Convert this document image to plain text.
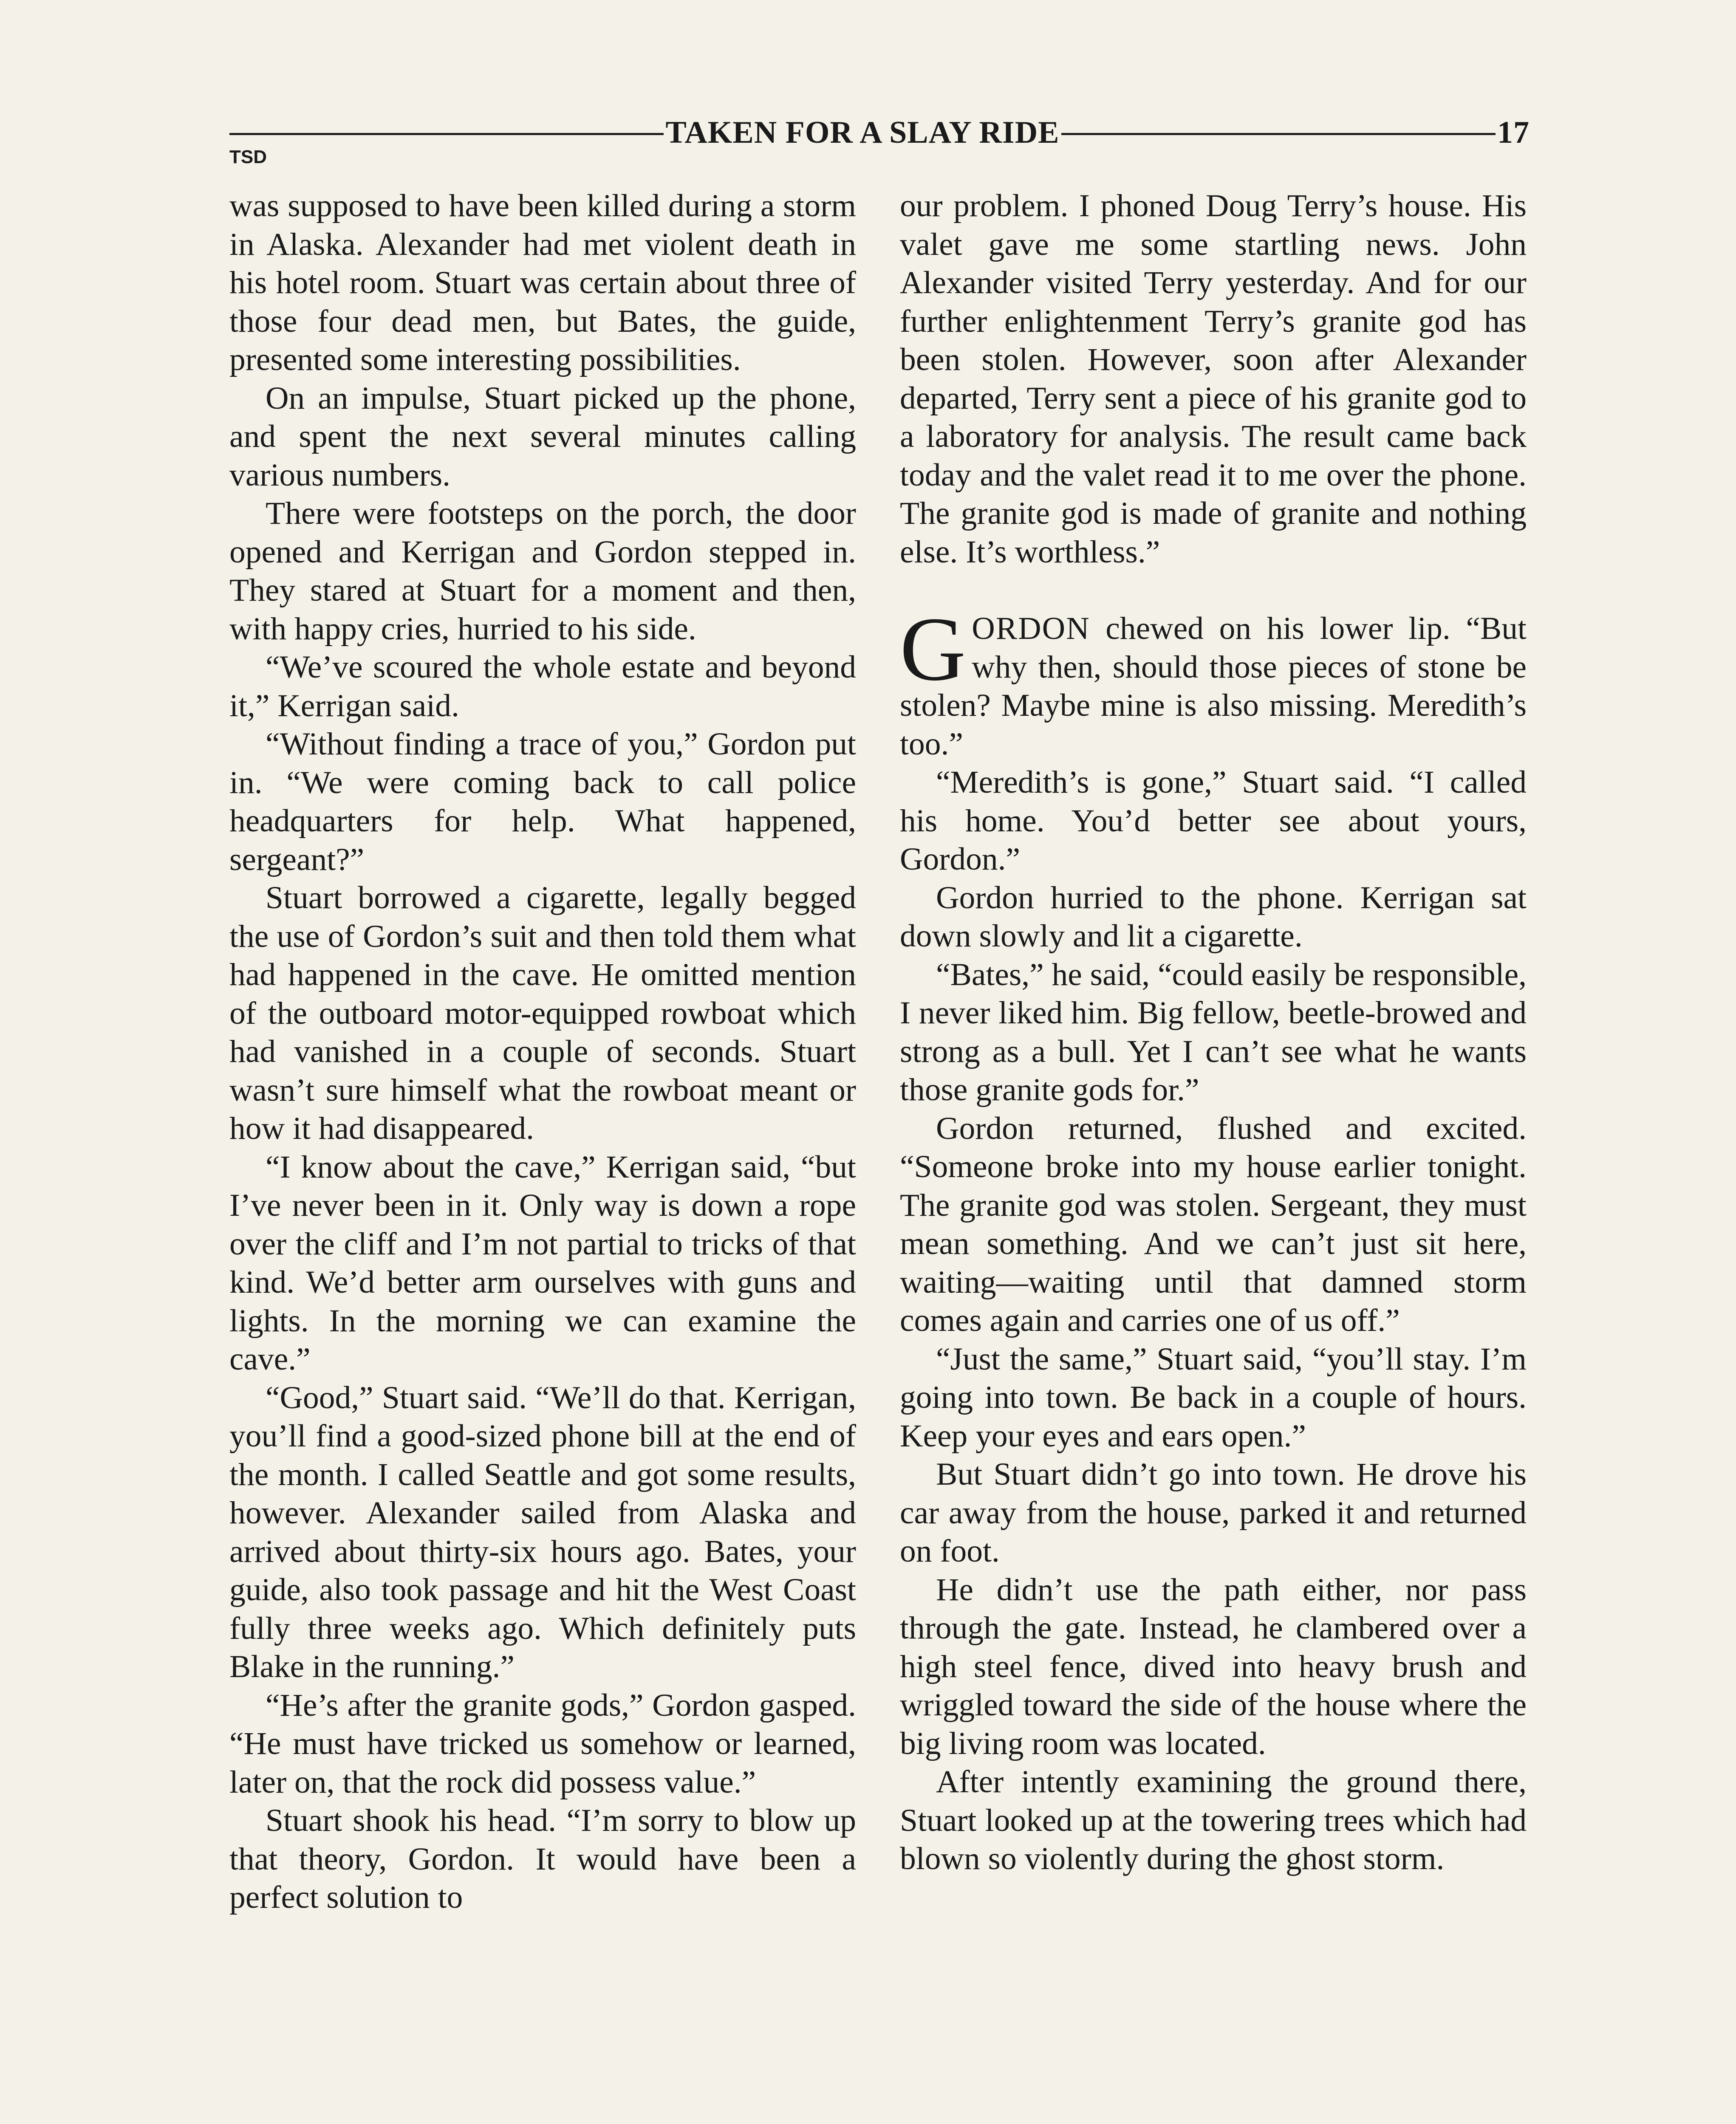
TAKEN FOR A SLAY RIDE	17
TSD

was supposed to have been killed during a storm in Alaska. Alexander had met violent death in his hotel room. Stuart was certain about three of those four dead men, but Bates, the guide, presented some interesting possibilities.

On an impulse, Stuart picked up the phone, and spent the next several minutes calling various numbers.

There were footsteps on the porch, the door opened and Kerrigan and Gordon stepped in. They stared at Stuart for a moment and then, with happy cries, hurried to his side.

“We’ve scoured the whole estate and beyond it,” Kerrigan said.

“Without finding a trace of you,” Gordon put in. “We were coming back to call police headquarters for help. What happened, sergeant?”

Stuart borrowed a cigarette, legally begged the use of Gordon’s suit and then told them what had happened in the cave. He omitted mention of the outboard motor-equipped rowboat which had vanished in a couple of seconds. Stuart wasn’t sure himself what the rowboat meant or how it had disappeared.

“I know about the cave,” Kerrigan said, “but I’ve never been in it. Only way is down a rope over the cliff and I’m not partial to tricks of that kind. We’d better arm ourselves with guns and lights. In the morning we can examine the cave.”

“Good,” Stuart said. “We’ll do that. Kerrigan, you’ll find a good-sized phone bill at the end of the month. I called Seattle and got some results, however. Alexander sailed from Alaska and arrived about thirty-six hours ago. Bates, your guide, also took passage and hit the West Coast fully three weeks ago. Which definitely puts Blake in the running.”

“He’s after the granite gods,” Gordon gasped. “He must have tricked us somehow or learned, later on, that the rock did possess value.”

Stuart shook his head. “I’m sorry to blow up that theory, Gordon. It would have been a perfect solution to

our problem. I phoned Doug Terry’s house. His valet gave me some startling news. John Alexander visited Terry yesterday. And for our further enlightenment Terry’s granite god has been stolen. However, soon after Alexander departed, Terry sent a piece of his granite god to a laboratory for analysis. The result came back today and the valet read it to me over the phone. The granite god is made of granite and nothing else. It’s worthless.”

GORDON chewed on his lower lip. “But why then, should those pieces of stone be stolen? Maybe mine is also missing. Meredith’s too.”

“Meredith’s is gone,” Stuart said. “I called his home. You’d better see about yours, Gordon.”

Gordon hurried to the phone. Kerrigan sat down slowly and lit a cigarette.

“Bates,” he said, “could easily be responsible, I never liked him. Big fellow, beetle-browed and strong as a bull. Yet I can’t see what he wants those granite gods for.”

Gordon returned, flushed and excited. “Someone broke into my house earlier tonight. The granite god was stolen. Sergeant, they must mean something. And we can’t just sit here, waiting—waiting until that damned storm comes again and carries one of us off.”

“Just the same,” Stuart said, “you’ll stay. I’m going into town. Be back in a couple of hours. Keep your eyes and ears open.”

But Stuart didn’t go into town. He drove his car away from the house, parked it and returned on foot.

He didn’t use the path either, nor pass through the gate. Instead, he clambered over a high steel fence, dived into heavy brush and wriggled toward the side of the house where the big living room was located.

After intently examining the ground there, Stuart looked up at the towering trees which had blown so violently during the ghost storm.
